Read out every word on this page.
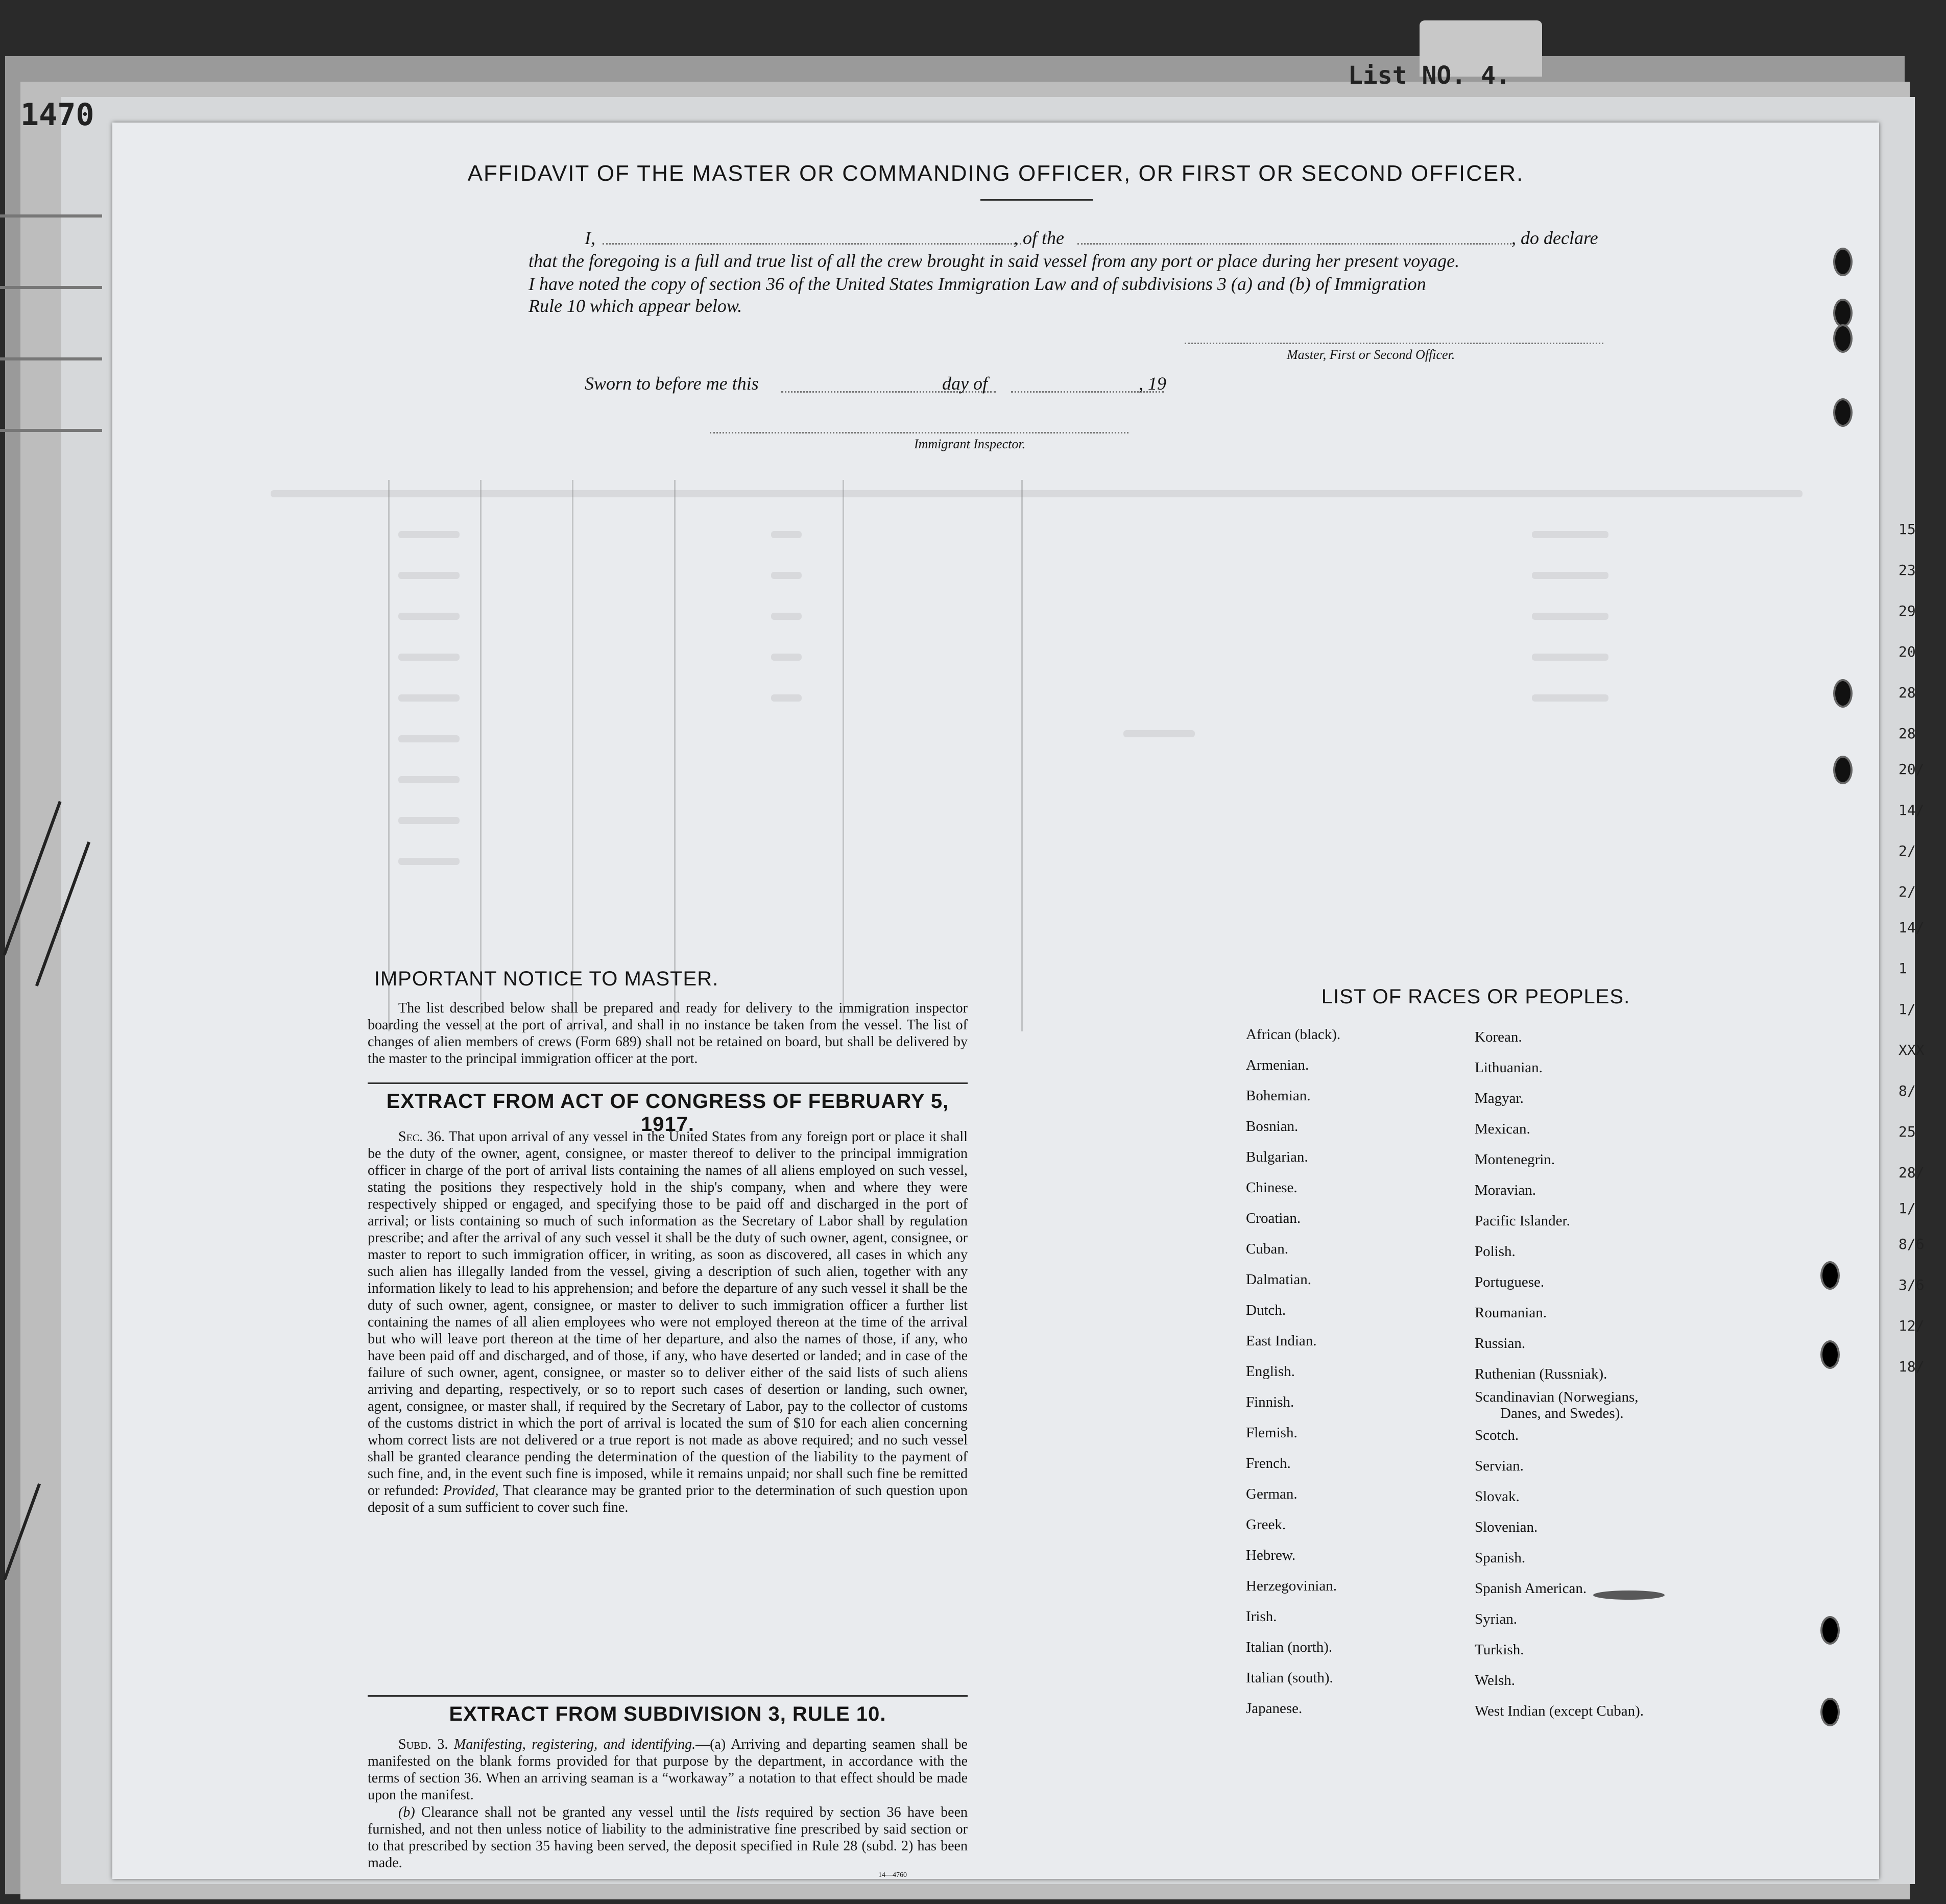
1470
List NO. 4.
15
23
29
20
28
28
20/
14/
2/
2/
14/
1
1/
XXX
8/
25
28/
1/
8/6
3/6
12/
18/
AFFIDAVIT OF THE MASTER OR COMMANDING OFFICER, OR FIRST OR SECOND OFFICER.
I,	, of the	, do declare
that the foregoing is a full and true list of all the crew brought in said vessel from any port or place during her present voyage.
I have noted the copy of section 36 of the United States Immigration Law and of subdivisions 3 (a) and (b) of Immigration
Rule 10 which appear below.
Master, First or Second Officer.
Sworn to before me this	day of	, 19
Immigrant Inspector.
IMPORTANT NOTICE TO MASTER.
The list described below shall be prepared and ready for delivery to the immigration inspector boarding the vessel at the port of arrival, and shall in no instance be taken from the vessel. The list of changes of alien members of crews (Form 689) shall not be retained on board, but shall be delivered by the master to the principal immigration officer at the port.
EXTRACT FROM ACT OF CONGRESS OF FEBRUARY 5, 1917.
Sec. 36. That upon arrival of any vessel in the United States from any foreign port or place it shall be the duty of the owner, agent, consignee, or master thereof to deliver to the principal immigration officer in charge of the port of arrival lists containing the names of all aliens employed on such vessel, stating the positions they respectively hold in the ship's company, when and where they were respectively shipped or engaged, and specifying those to be paid off and discharged in the port of arrival; or lists containing so much of such information as the Secretary of Labor shall by regulation prescribe; and after the arrival of any such vessel it shall be the duty of such owner, agent, consignee, or master to report to such immigration officer, in writing, as soon as discovered, all cases in which any such alien has illegally landed from the vessel, giving a description of such alien, together with any information likely to lead to his apprehension; and before the departure of any such vessel it shall be the duty of such owner, agent, consignee, or master to deliver to such immigration officer a further list containing the names of all alien employees who were not employed thereon at the time of the arrival but who will leave port thereon at the time of her departure, and also the names of those, if any, who have been paid off and discharged, and of those, if any, who have deserted or landed; and in case of the failure of such owner, agent, consignee, or master so to deliver either of the said lists of such aliens arriving and departing, respectively, or so to report such cases of desertion or landing, such owner, agent, consignee, or master shall, if required by the Secretary of Labor, pay to the collector of customs of the customs district in which the port of arrival is located the sum of $10 for each alien concerning whom correct lists are not delivered or a true report is not made as above required; and no such vessel shall be granted clearance pending the determination of the question of the liability to the payment of such fine, and, in the event such fine is imposed, while it remains unpaid; nor shall such fine be remitted or refunded: Provided, That clearance may be granted prior to the determination of such question upon deposit of a sum sufficient to cover such fine.
EXTRACT FROM SUBDIVISION 3, RULE 10.
Subd. 3. Manifesting, registering, and identifying.—(a) Arriving and departing seamen shall be manifested on the blank forms provided for that purpose by the department, in accordance with the terms of section 36. When an arriving seaman is a “workaway” a notation to that effect should be made upon the manifest.
(b) Clearance shall not be granted any vessel until the lists required by section 36 have been furnished, and not then unless notice of liability to the administrative fine prescribed by said section or to that prescribed by section 35 having been served, the deposit specified in Rule 28 (subd. 2) has been made.
14—4760
LIST OF RACES OR PEOPLES.
African (black).
Armenian.
Bohemian.
Bosnian.
Bulgarian.
Chinese.
Croatian.
Cuban.
Dalmatian.
Dutch.
East Indian.
English.
Finnish.
Flemish.
French.
German.
Greek.
Hebrew.
Herzegovinian.
Irish.
Italian (north).
Italian (south).
Japanese.
Korean.
Lithuanian.
Magyar.
Mexican.
Montenegrin.
Moravian.
Pacific Islander.
Polish.
Portuguese.
Roumanian.
Russian.
Ruthenian (Russniak).
Scandinavian (Norwegians,
Danes, and Swedes).
Scotch.
Servian.
Slovak.
Slovenian.
Spanish.
Spanish American.
Syrian.
Turkish.
Welsh.
West Indian (except Cuban).
